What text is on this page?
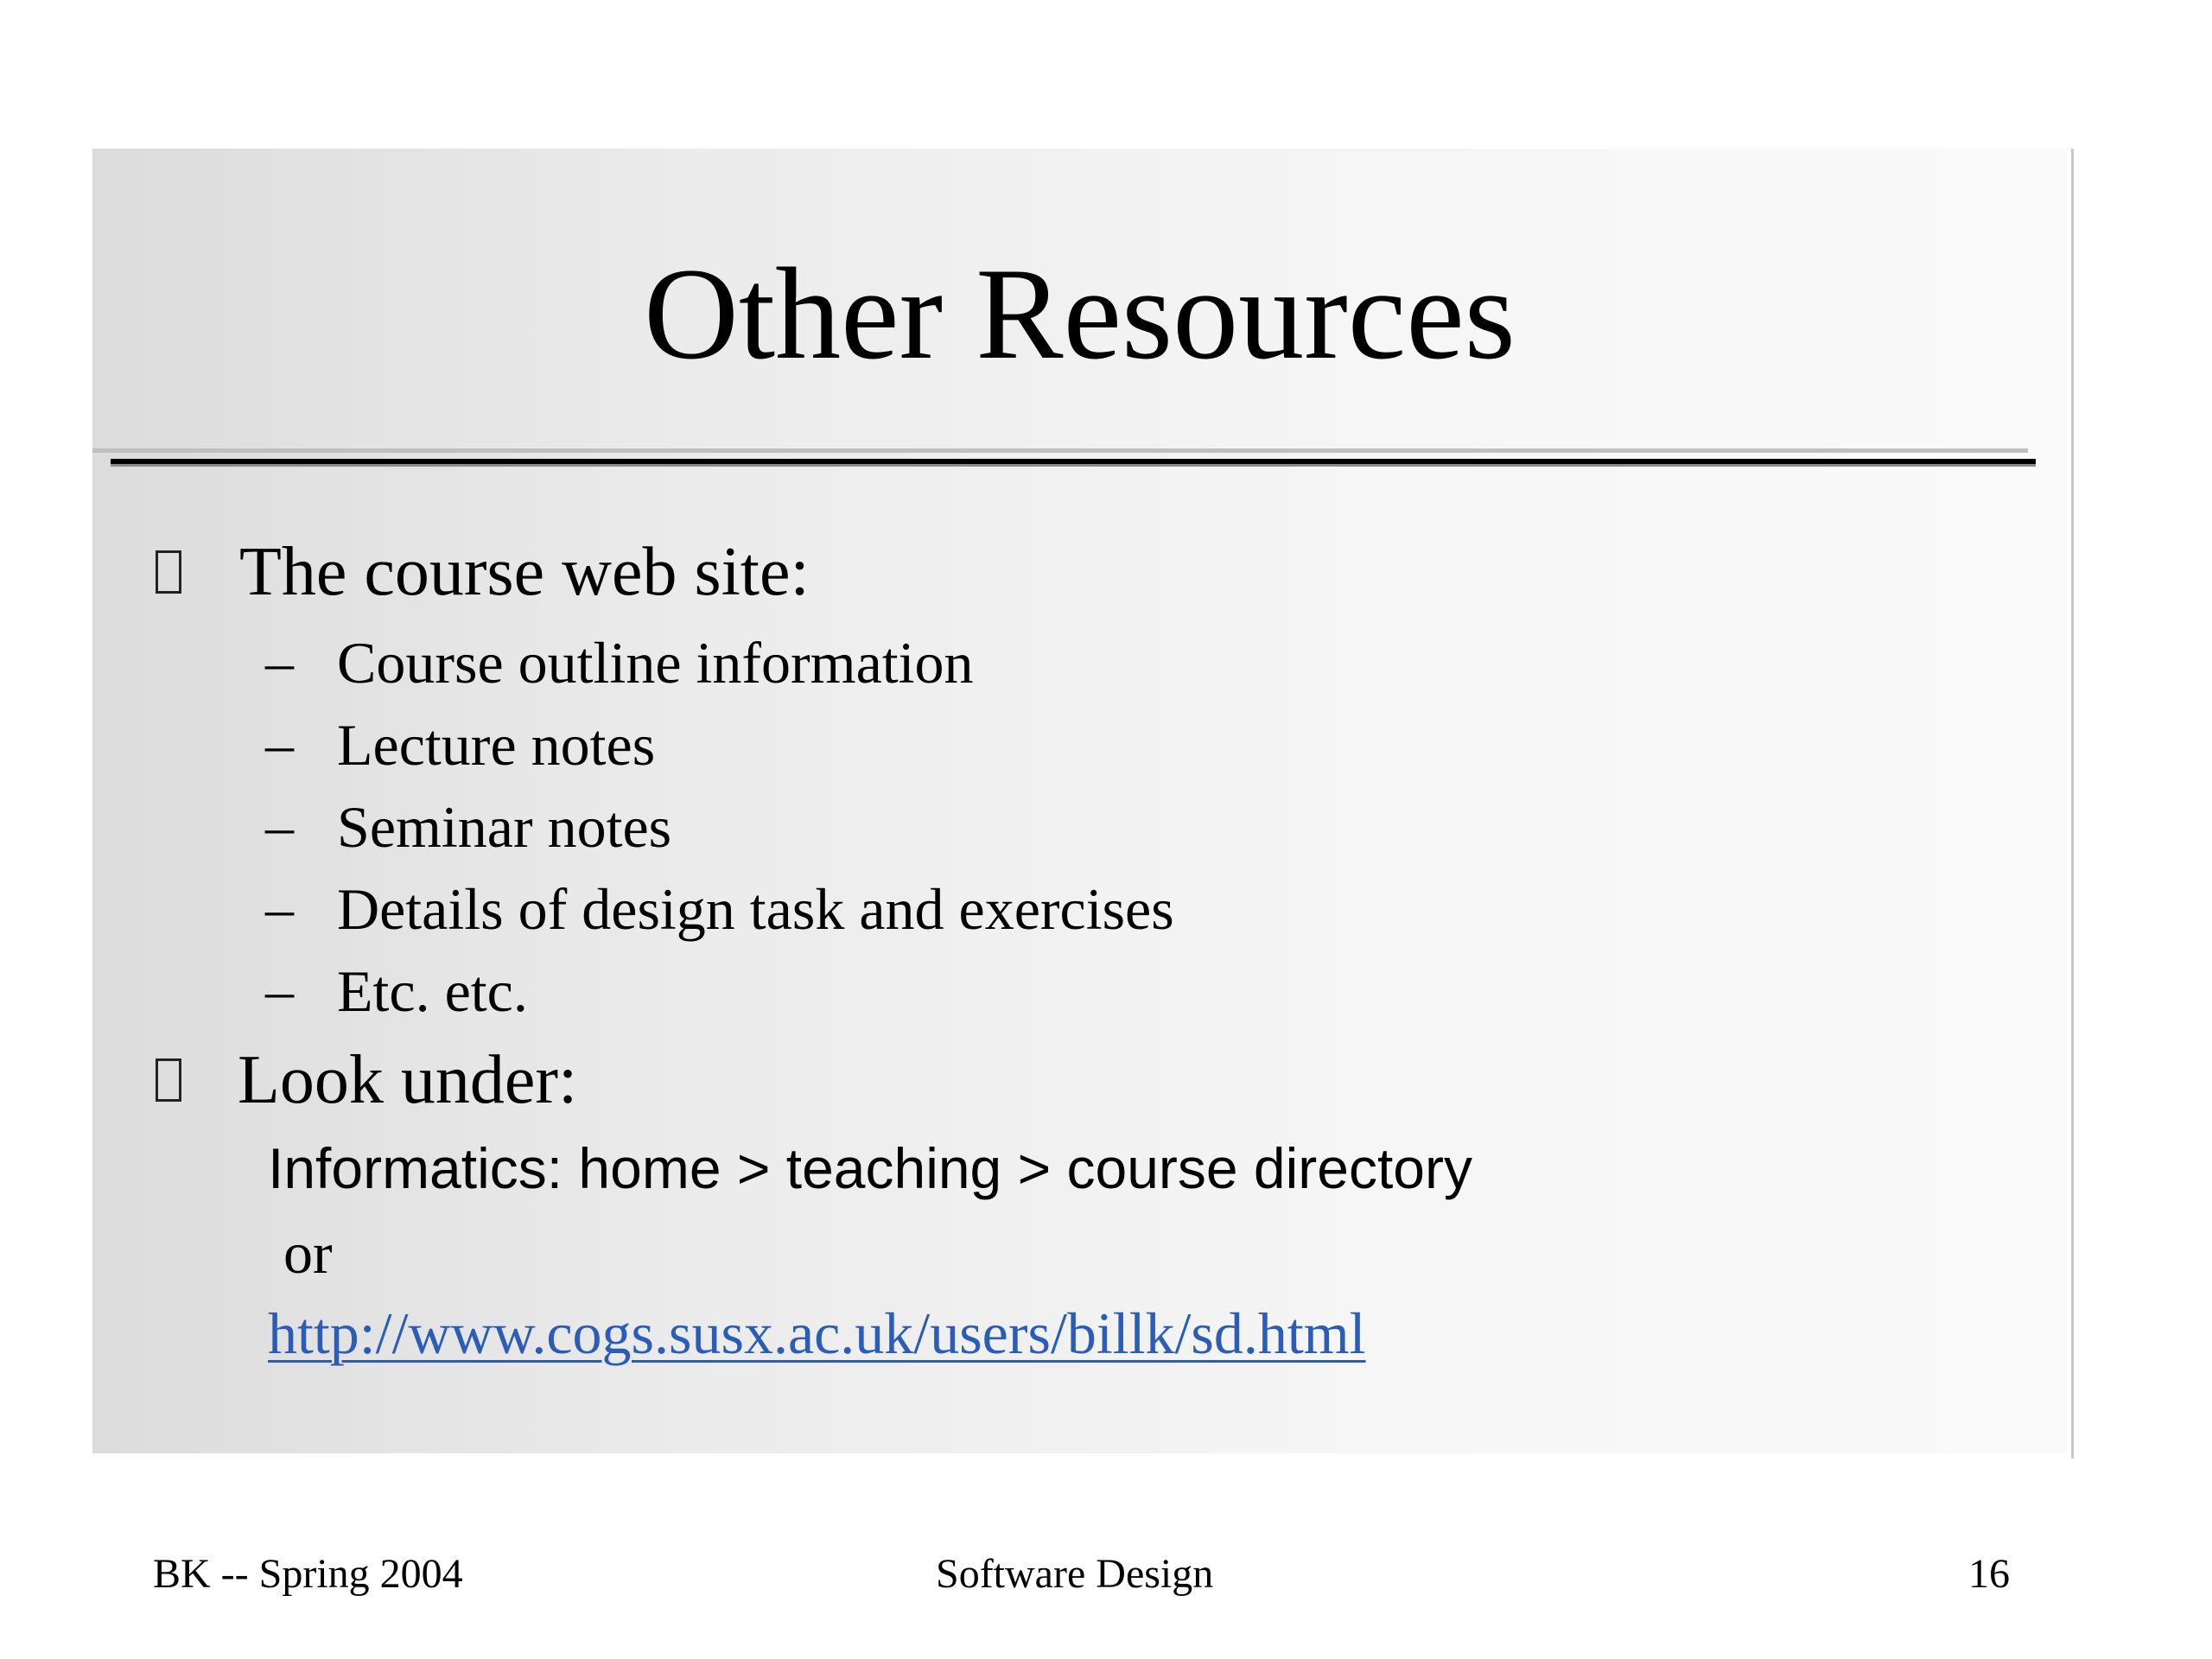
Other Resources
The course web site:
– Course outline information
– Lecture notes
– Seminar notes
– Details of design task and exercises
– Etc. etc.
Look under:
Informatics: home > teaching > course directory
or
http://www.cogs.susx.ac.uk/users/billk/sd.html
BK -- Spring 2004	Software Design	16
